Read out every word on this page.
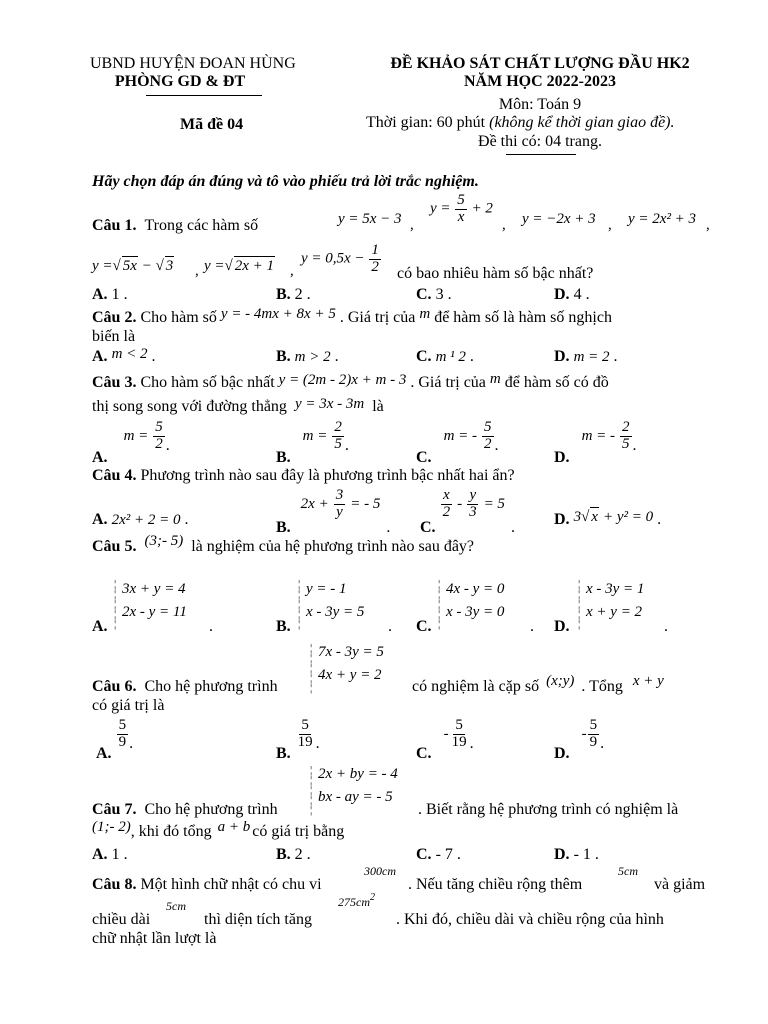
UBND HUYỆN ĐOAN HÙNG
PHÒNG GD & ĐT
Mã đề 04
ĐỀ KHẢO SÁT CHẤT LƯỢNG ĐẦU HK2
NĂM HỌC 2022-2023
Môn: Toán 9
Thời gian: 60 phút (không kể thời gian giao đề).
Đề thi có: 04 trang.
Hãy chọn đáp án đúng và tô vào phiếu trả lời trắc nghiệm.
Câu 1. Trong các hàm số	y = 5x − 3 ,
$y = \frac{5}{x} + 2$
, y = −2x + 3 , y = 2x² + 3 ,
y =√ 5x − √ 3 , y =√ 2x + 1 ,
$y = 0,5x - \frac{1}{2}$ có bao nhiêu hàm số bậc nhất?
A. 1 .	B. 2 .	C. 3 .	D. 4 .
Câu 2. Cho hàm số y = - 4mx + 8x + 5 . Giá trị của m để hàm số là hàm số nghịch
biến là
A. m < 2 .	B. m > 2 .	C. m ¹ 2 .	D. m = 2 .
Câu 3. Cho hàm số bậc nhất y = (2m - 2)x + m - 3 . Giá trị của m để hàm số có đồ
thị song song với đường thẳng y = 3x - 3m là
A. $m = \frac{5}{2}$ .
B. $m = \frac{2}{5}$ .
C. m = - $\frac{5}{2}$ .
D. m = - $\frac{2}{5}$ .
Câu 4. Phương trình nào sau đây là phương trình bậc nhất hai ẩn?
A. 2x² + 2 = 0 .	B. $2x + \frac{3}{y}$ = - 5. C.
$\frac{x}{2} - \frac{y}{3} = 5$. D. 3√ x + y² = 0 .
Câu 5. (3;- 5) là nghiệm của hệ phương trình nào sau đây?
A.
¦
¦
¦
¦
¦
3x + y = 4
2x - y = 11
.	B.
¦
¦
¦
¦
¦
y = - 1
x - 3y = 5
. C.
¦
¦
¦
¦
¦
4x - y = 0
x - 3y = 0
. D.
¦
¦
¦
¦
¦
x - 3y = 1
x + y = 2
.
¦
¦
¦
¦
¦
7x - 3y = 5
4x + y = 2
Câu 6. Cho hệ phương trình	có nghiệm là cặp số (x;y) . Tổng x + y
có giá trị là
A.
$\frac{5}{9}$ .
B.
$\frac{5}{19}$ .
C. - $\frac{5}{19}$ .
D. - $\frac{5}{9}$ .
¦
¦
¦
¦
¦
2x + by = - 4
bx - ay = - 5
Câu 7. Cho hệ phương trình	. Biết rằng hệ phương trình có nghiệm là
(1;- 2), khi đó tổng a + b có giá trị bằng
A. 1 .	B. 2 .	C. - 7 .	D. - 1 .
Câu 8. Một hình chữ nhật có chu vi
300cm
. Nếu tăng chiều rộng thêm
5cm
và giảm
chiều dài
5cm
thì diện tích tăng
$275cm^2$
. Khi đó, chiều dài và chiều rộng của hình
chữ nhật lần lượt là
